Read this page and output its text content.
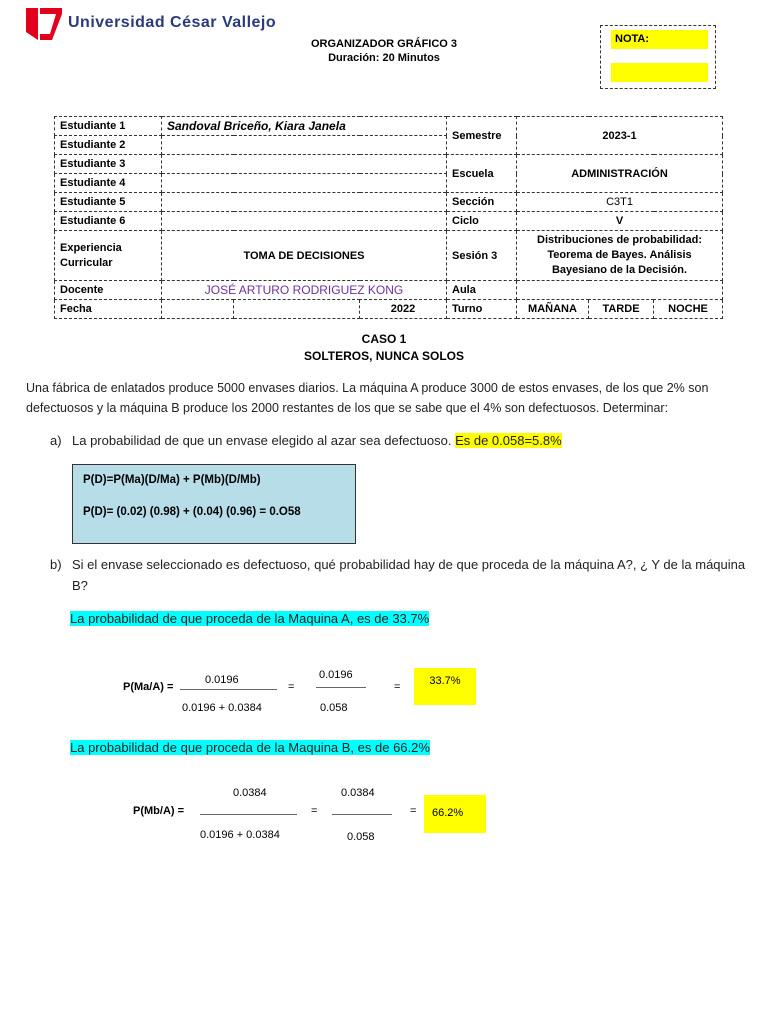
Universidad César Vallejo
ORGANIZADOR GRÁFICO 3
Duración: 20 Minutos
NOTA:
Estudiante 1	Sandoval Briceño, Kiara Janela			Semestre	2023-1		
Estudiante 2							
Estudiante 3				Escuela	ADMINISTRACIÓN		
Estudiante 4							
Estudiante 5				Sección	C3T1		
Estudiante 6				Ciclo	V		
Experiencia Curricular	TOMA DE DECISIONES			Sesión 3	Distribuciones de probabilidad: Teorema de Bayes. Análisis Bayesiano de la Decisión.		
Docente	JOSÉ ARTURO RODRIGUEZ KONG			Aula			
Fecha			2022	Turno	MAÑANA	TARDE	NOCHE
CASO 1
SOLTEROS, NUNCA SOLOS
Una fábrica de enlatados produce 5000 envases diarios. La máquina A produce 3000 de estos envases, de los que 2% son defectuosos y la máquina B produce los 2000 restantes de los que se sabe que el 4% son defectuosos. Determinar:
a) La probabilidad de que un envase elegido al azar sea defectuoso. Es de 0.058=5.8%
P(D)=P(Ma)(D/Ma) + P(Mb)(D/Mb)
P(D)= (0.02) (0.98) + (0.04) (0.96) = 0.O58
b) Si el envase seleccionado es defectuoso, qué probabilidad hay de que proceda de la máquina A?, ¿ Y de la máquina B?
La probabilidad de que proceda de la Maquina A, es de 33.7%
P(Ma/A) =
0.0196
0.0196 + 0.0384
=
0.0196
0.058
=	33.7%
La probabilidad de que proceda de la Maquina B, es de 66.2%
P(Mb/A) =
0.0384
0.0196 + 0.0384
=
0.0384
0.058
=	66.2%
